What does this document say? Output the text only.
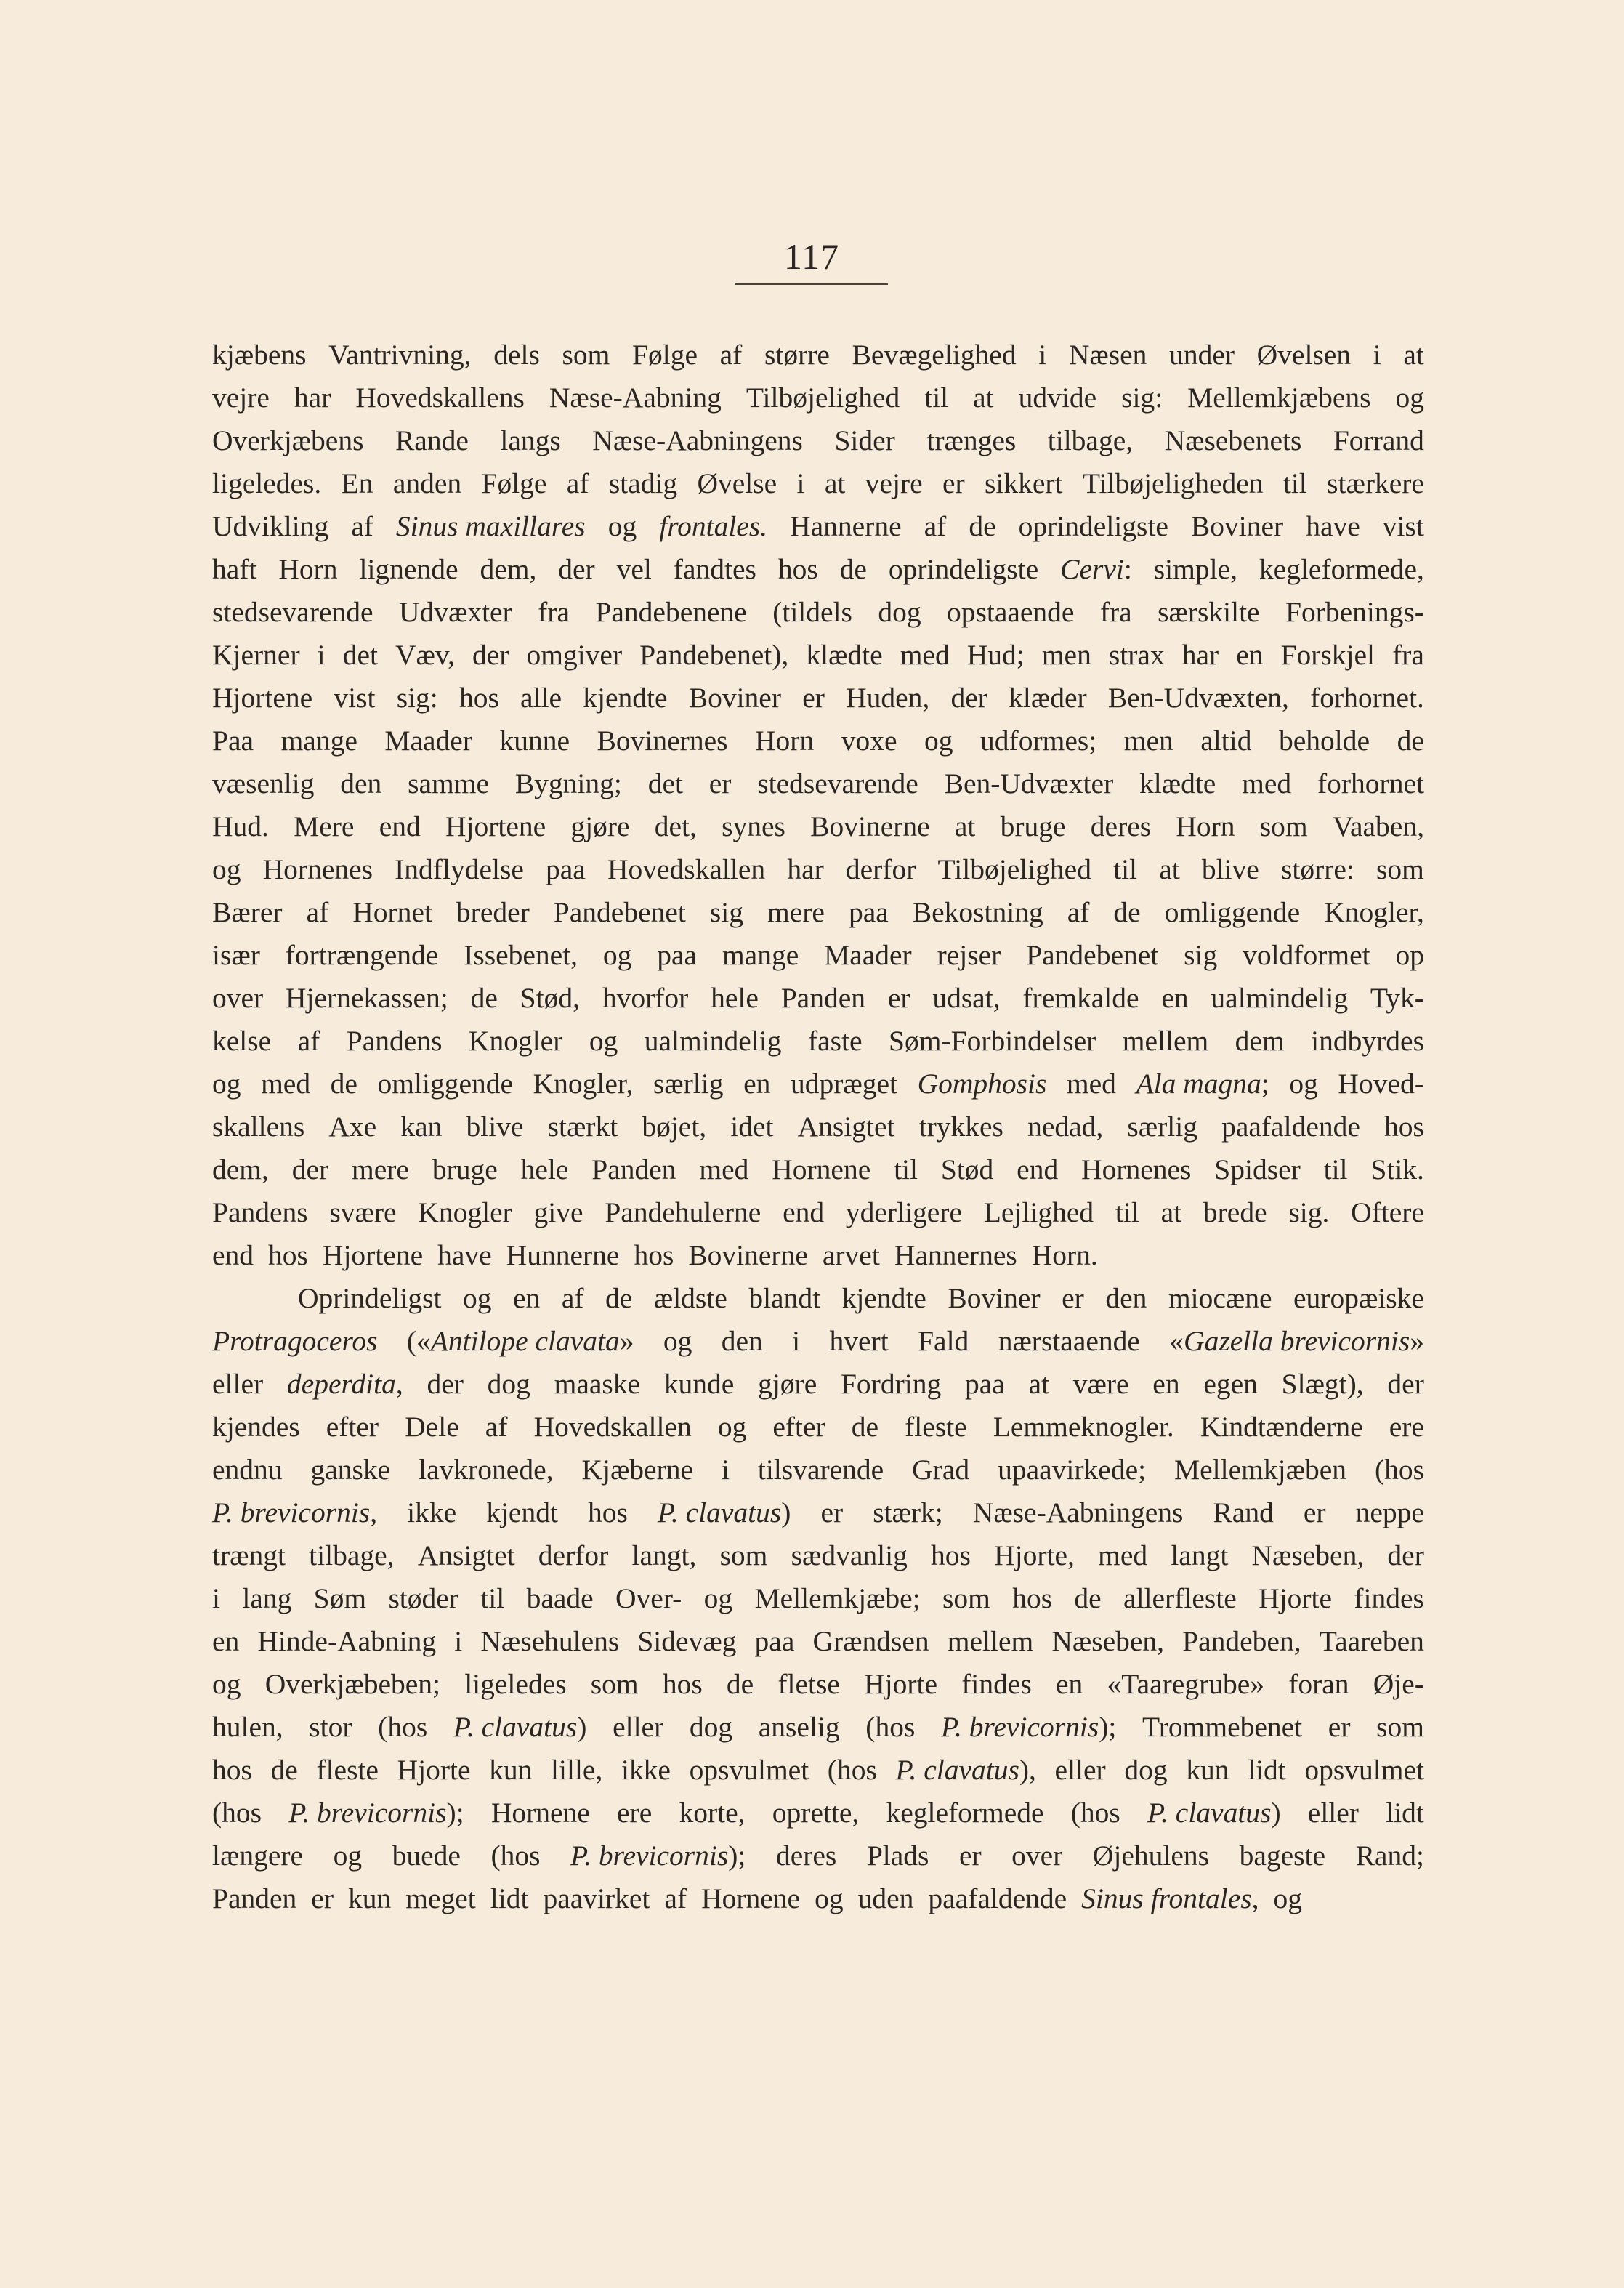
117
kjæbens Vantrivning, dels som Følge af større Bevægelighed i Næsen under Øvelsen i at
vejre har Hovedskallens Næse-Aabning Tilbøjelighed til at udvide sig: Mellemkjæbens og
Overkjæbens Rande langs Næse-Aabningens Sider trænges tilbage, Næsebenets Forrand
ligeledes. En anden Følge af stadig Øvelse i at vejre er sikkert Tilbøjeligheden til stærkere
Udvikling af Sinus maxillares og frontales. Hannerne af de oprindeligste Boviner have vist
haft Horn lignende dem, der vel fandtes hos de oprindeligste Cervi: simple, kegleformede,
stedsevarende Udvæxter fra Pandebenene (tildels dog opstaaende fra særskilte Forbenings-
Kjerner i det Væv, der omgiver Pandebenet), klædte med Hud; men strax har en Forskjel fra
Hjortene vist sig: hos alle kjendte Boviner er Huden, der klæder Ben-Udvæxten, forhornet.
Paa mange Maader kunne Bovinernes Horn voxe og udformes; men altid beholde de
væsenlig den samme Bygning; det er stedsevarende Ben-Udvæxter klædte med forhornet
Hud. Mere end Hjortene gjøre det, synes Bovinerne at bruge deres Horn som Vaaben,
og Hornenes Indflydelse paa Hovedskallen har derfor Tilbøjelighed til at blive større: som
Bærer af Hornet breder Pandebenet sig mere paa Bekostning af de omliggende Knogler,
især fortrængende Issebenet, og paa mange Maader rejser Pandebenet sig voldformet op
over Hjernekassen; de Stød, hvorfor hele Panden er udsat, fremkalde en ualmindelig Tyk-
kelse af Pandens Knogler og ualmindelig faste Søm-Forbindelser mellem dem indbyrdes
og med de omliggende Knogler, særlig en udpræget Gomphosis med Ala magna; og Hoved-
skallens Axe kan blive stærkt bøjet, idet Ansigtet trykkes nedad, særlig paafaldende hos
dem, der mere bruge hele Panden med Hornene til Stød end Hornenes Spidser til Stik.
Pandens svære Knogler give Pandehulerne end yderligere Lejlighed til at brede sig. Oftere
end hos Hjortene have Hunnerne hos Bovinerne arvet Hannernes Horn.
Oprindeligst og en af de ældste blandt kjendte Boviner er den miocæne europæiske
Protragoceros («Antilope clavata» og den i hvert Fald nærstaaende «Gazella brevicornis»
eller deperdita, der dog maaske kunde gjøre Fordring paa at være en egen Slægt), der
kjendes efter Dele af Hovedskallen og efter de fleste Lemmeknogler. Kindtænderne ere
endnu ganske lavkronede, Kjæberne i tilsvarende Grad upaavirkede; Mellemkjæben (hos
P. brevicornis, ikke kjendt hos P. clavatus) er stærk; Næse-Aabningens Rand er neppe
trængt tilbage, Ansigtet derfor langt, som sædvanlig hos Hjorte, med langt Næseben, der
i lang Søm støder til baade Over- og Mellemkjæbe; som hos de allerfleste Hjorte findes
en Hinde-Aabning i Næsehulens Sidevæg paa Grændsen mellem Næseben, Pandeben, Taareben
og Overkjæbeben; ligeledes som hos de fletse Hjorte findes en «Taaregrube» foran Øje-
hulen, stor (hos P. clavatus) eller dog anselig (hos P. brevicornis); Trommebenet er som
hos de fleste Hjorte kun lille, ikke opsvulmet (hos P. clavatus), eller dog kun lidt opsvulmet
(hos P. brevicornis); Hornene ere korte, oprette, kegleformede (hos P. clavatus) eller lidt
længere og buede (hos P. brevicornis); deres Plads er over Øjehulens bageste Rand;
Panden er kun meget lidt paavirket af Hornene og uden paafaldende Sinus frontales, og
